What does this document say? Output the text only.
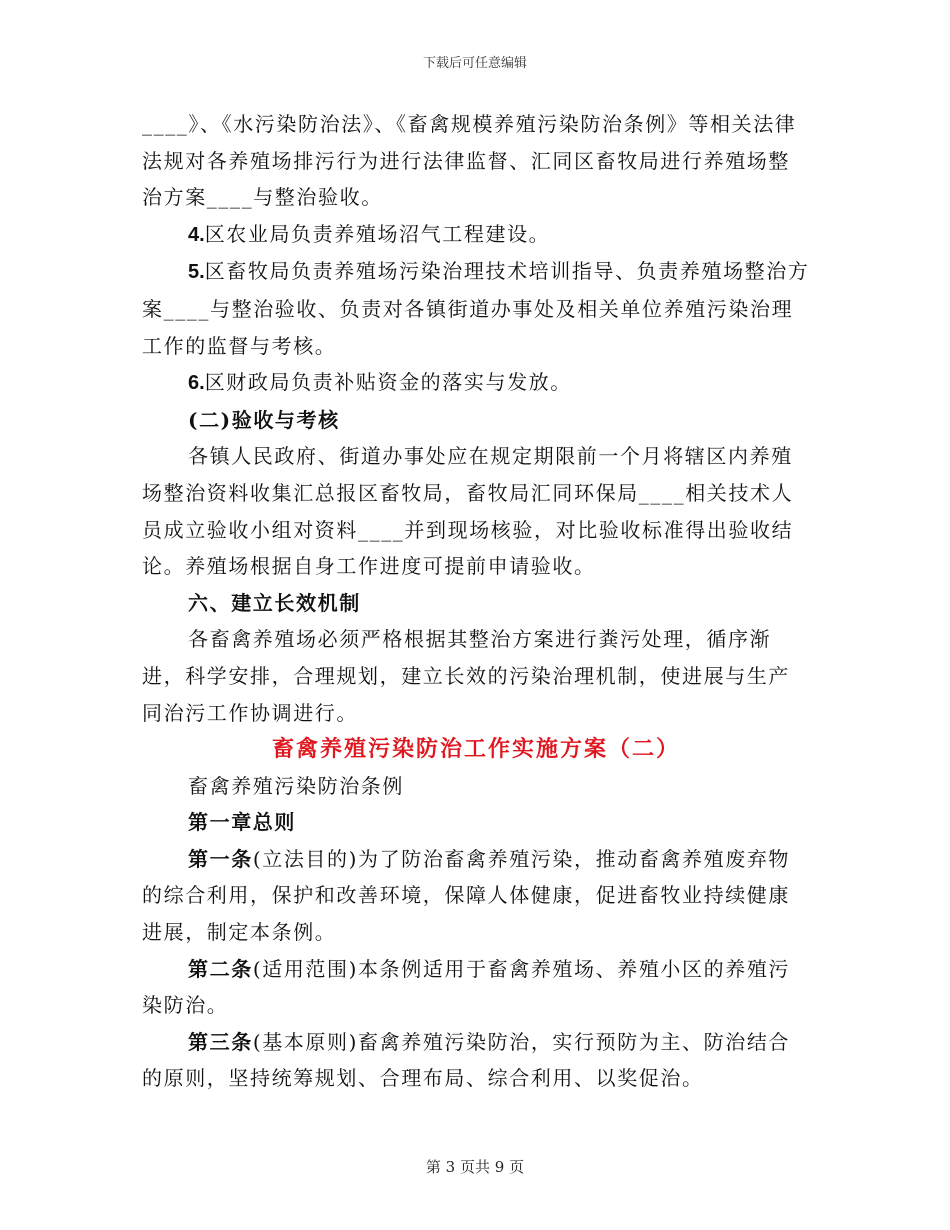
下载后可任意编辑

____》、《水污染防治法》、《畜禽规模养殖污染防治条例》等相关法律法规对各养殖场排污行为进行法律监督、汇同区畜牧局进行养殖场整治方案____与整治验收。

4.区农业局负责养殖场沼气工程建设。

5.区畜牧局负责养殖场污染治理技术培训指导、负责养殖场整治方案____与整治验收、负责对各镇街道办事处及相关单位养殖污染治理工作的监督与考核。

6.区财政局负责补贴资金的落实与发放。

(二)验收与考核

各镇人民政府、街道办事处应在规定期限前一个月将辖区内养殖场整治资料收集汇总报区畜牧局，畜牧局汇同环保局____相关技术人员成立验收小组对资料____并到现场核验，对比验收标准得出验收结论。养殖场根据自身工作进度可提前申请验收。

六、建立长效机制

各畜禽养殖场必须严格根据其整治方案进行粪污处理，循序渐进，科学安排，合理规划，建立长效的污染治理机制，使进展与生产同治污工作协调进行。

畜禽养殖污染防治工作实施方案（二）

畜禽养殖污染防治条例

第一章总则

第一条(立法目的)为了防治畜禽养殖污染，推动畜禽养殖废弃物的综合利用，保护和改善环境，保障人体健康，促进畜牧业持续健康进展，制定本条例。

第二条(适用范围)本条例适用于畜禽养殖场、养殖小区的养殖污染防治。

第三条(基本原则)畜禽养殖污染防治，实行预防为主、防治结合的原则，坚持统筹规划、合理布局、综合利用、以奖促治。

第 3 页共 9 页
